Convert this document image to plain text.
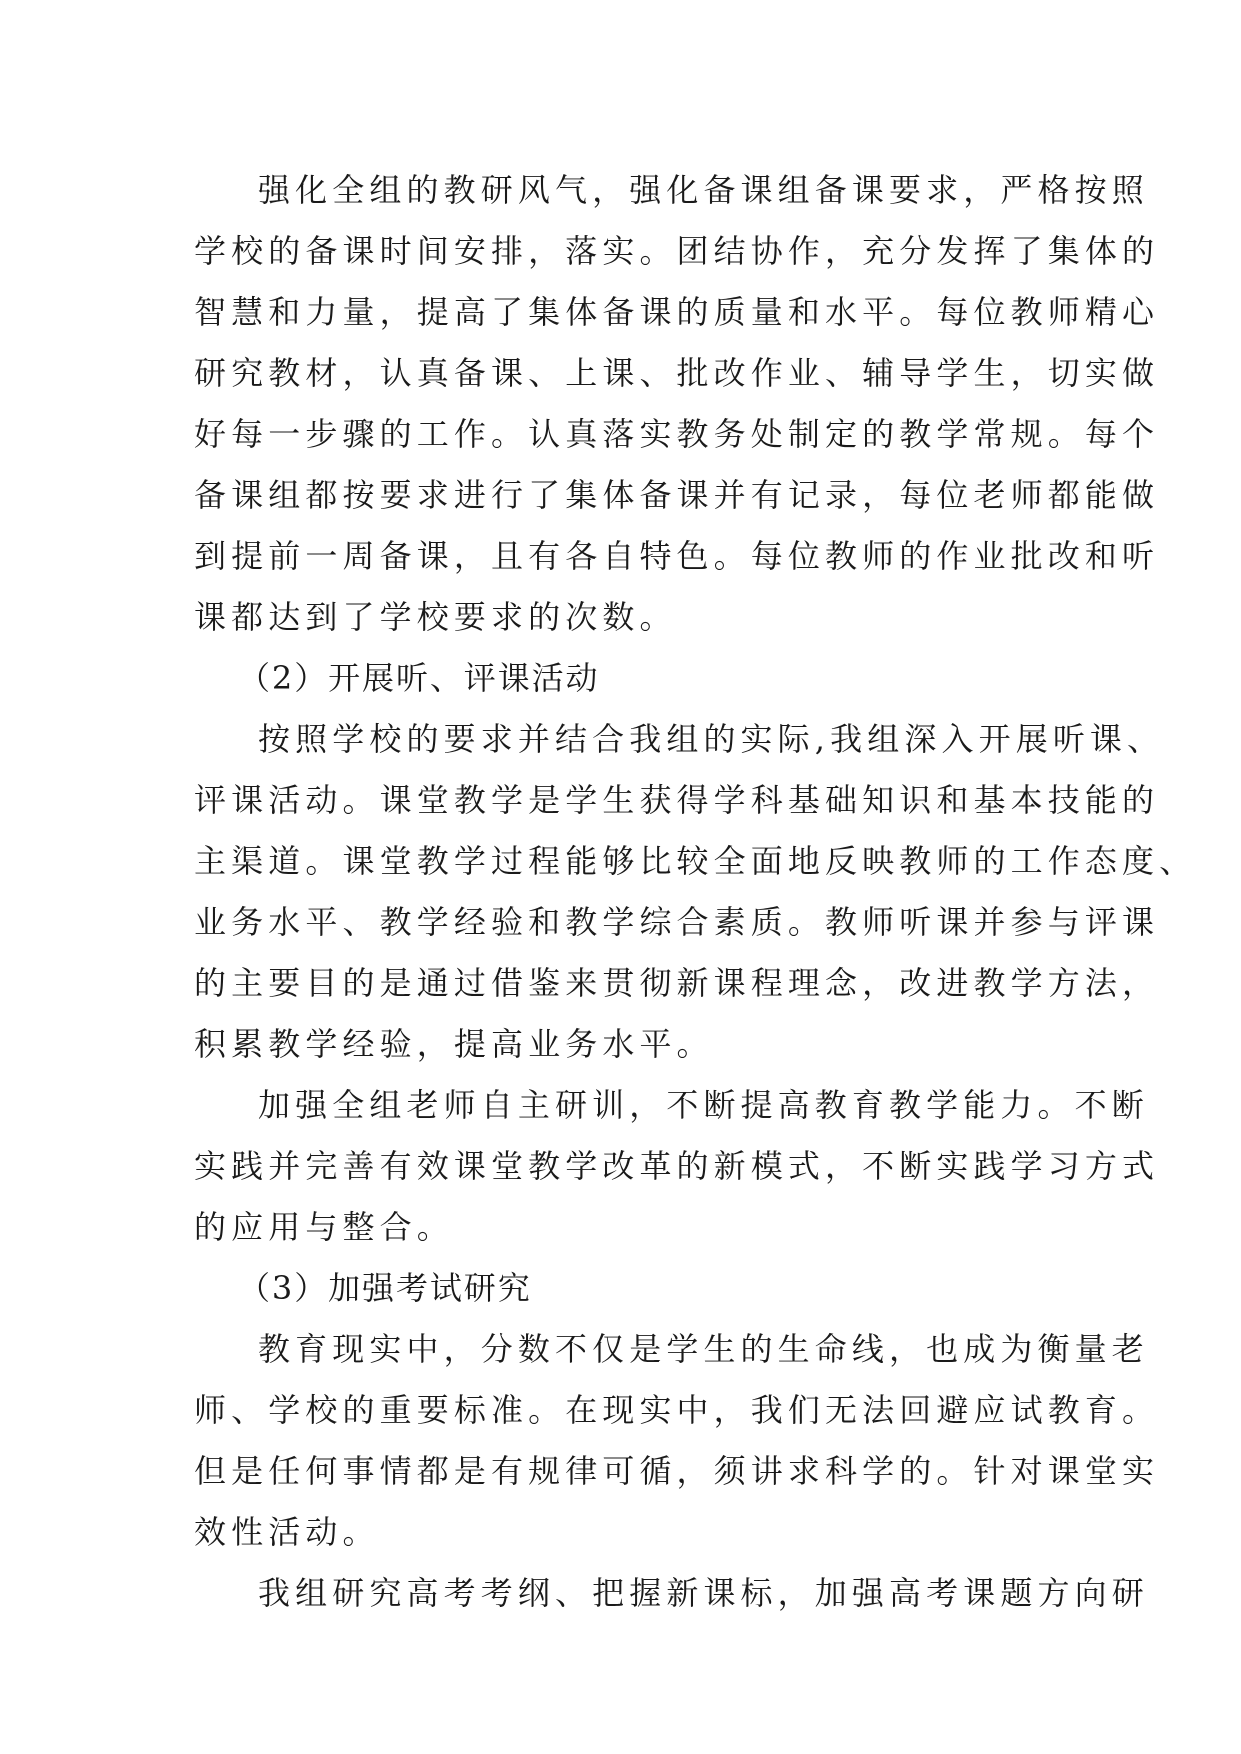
强化全组的教研风气，强化备课组备课要求，严格按照
学校的备课时间安排，落实。团结协作，充分发挥了集体的
智慧和力量，提高了集体备课的质量和水平。每位教师精心
研究教材，认真备课、上课、批改作业、辅导学生，切实做
好每一步骤的工作。认真落实教务处制定的教学常规。每个
备课组都按要求进行了集体备课并有记录，每位老师都能做
到提前一周备课，且有各自特色。每位教师的作业批改和听
课都达到了学校要求的次数。
（2）开展听、评课活动
按照学校的要求并结合我组的实际,我组深入开展听课、
评课活动。课堂教学是学生获得学科基础知识和基本技能的
主渠道。课堂教学过程能够比较全面地反映教师的工作态度、
业务水平、教学经验和教学综合素质。教师听课并参与评课
的主要目的是通过借鉴来贯彻新课程理念，改进教学方法，
积累教学经验，提高业务水平。
加强全组老师自主研训，不断提高教育教学能力。不断
实践并完善有效课堂教学改革的新模式，不断实践学习方式
的应用与整合。
（3）加强考试研究
教育现实中，分数不仅是学生的生命线，也成为衡量老
师、学校的重要标准。在现实中，我们无法回避应试教育。
但是任何事情都是有规律可循，须讲求科学的。针对课堂实
效性活动。
我组研究高考考纲、把握新课标，加强高考课题方向研
